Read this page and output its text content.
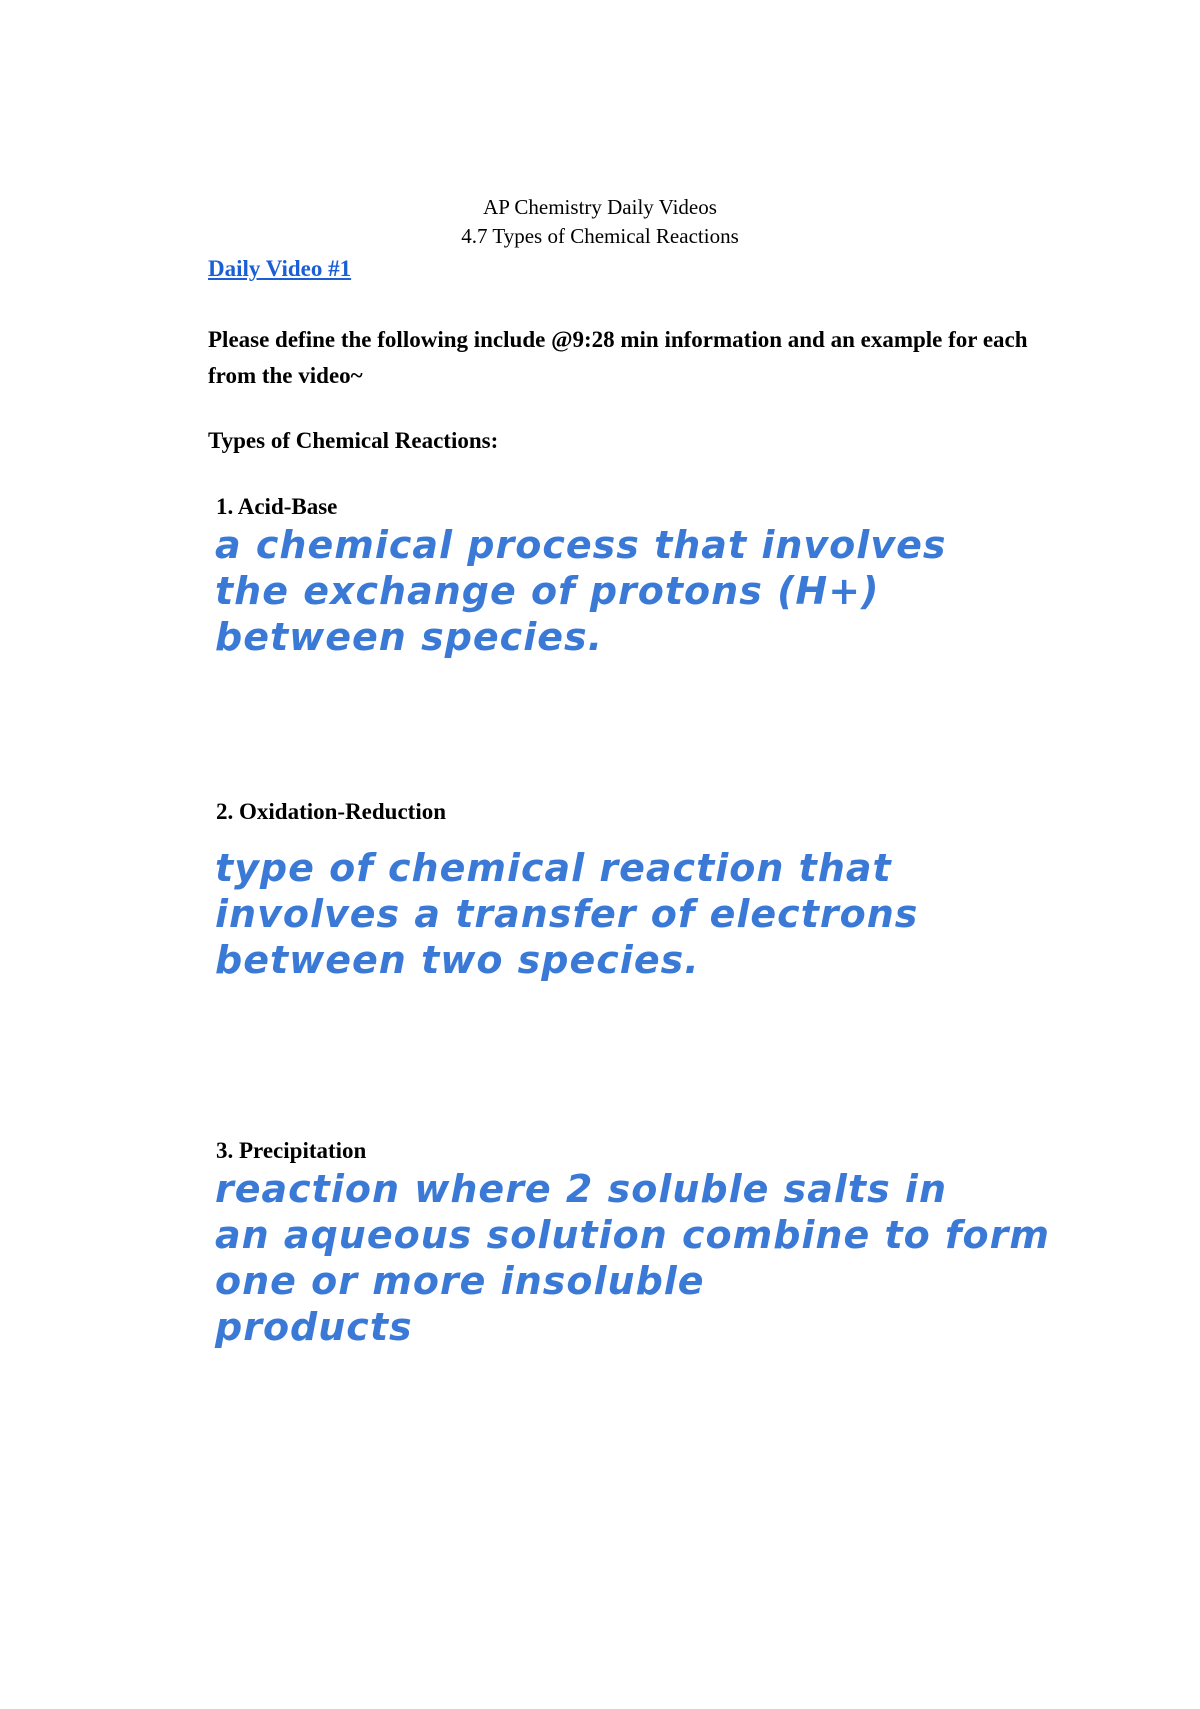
AP Chemistry Daily Videos
4.7 Types of Chemical Reactions
Daily Video #1
Please define the following include @9:28 min information and an example for each from the video~
Types of Chemical Reactions:
1. Acid-Base
a chemical process that involves
the exchange of protons (H+)
between species.
2. Oxidation-Reduction
type of chemical reaction that
involves a transfer of electrons
between two species.
3. Precipitation
reaction where 2 soluble salts in
an aqueous solution combine to form
one or more insoluble
products
